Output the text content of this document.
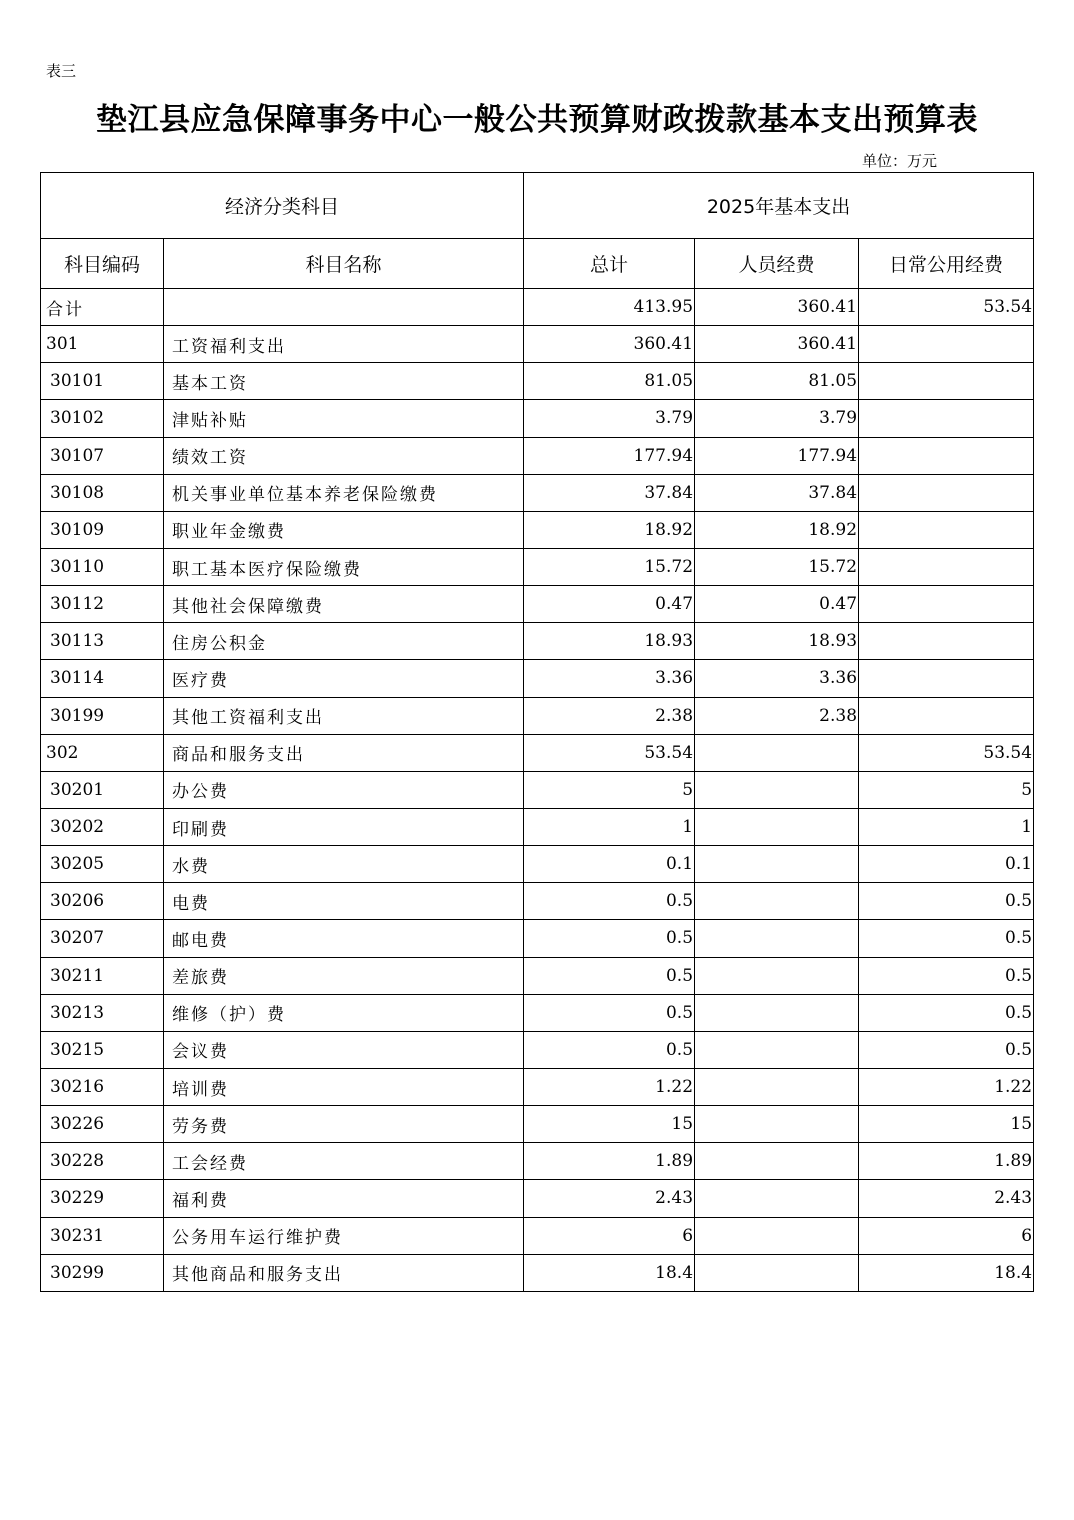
表三
垫江县应急保障事务中心一般公共预算财政拨款基本支出预算表
单位：万元
经济分类科目		2025年基本支出		
科目编码	科目名称	总计	人员经费	日常公用经费
合计		413.95	360.41	53.54
301	工资福利支出	360.41	360.41	
30101	基本工资	81.05	81.05	
30102	津贴补贴	3.79	3.79	
30107	绩效工资	177.94	177.94	
30108	机关事业单位基本养老保险缴费	37.84	37.84	
30109	职业年金缴费	18.92	18.92	
30110	职工基本医疗保险缴费	15.72	15.72	
30112	其他社会保障缴费	0.47	0.47	
30113	住房公积金	18.93	18.93	
30114	医疗费	3.36	3.36	
30199	其他工资福利支出	2.38	2.38	
302	商品和服务支出	53.54		53.54
30201	办公费	5		5
30202	印刷费	1		1
30205	水费	0.1		0.1
30206	电费	0.5		0.5
30207	邮电费	0.5		0.5
30211	差旅费	0.5		0.5
30213	维修（护）费	0.5		0.5
30215	会议费	0.5		0.5
30216	培训费	1.22		1.22
30226	劳务费	15		15
30228	工会经费	1.89		1.89
30229	福利费	2.43		2.43
30231	公务用车运行维护费	6		6
30299	其他商品和服务支出	18.4		18.4
